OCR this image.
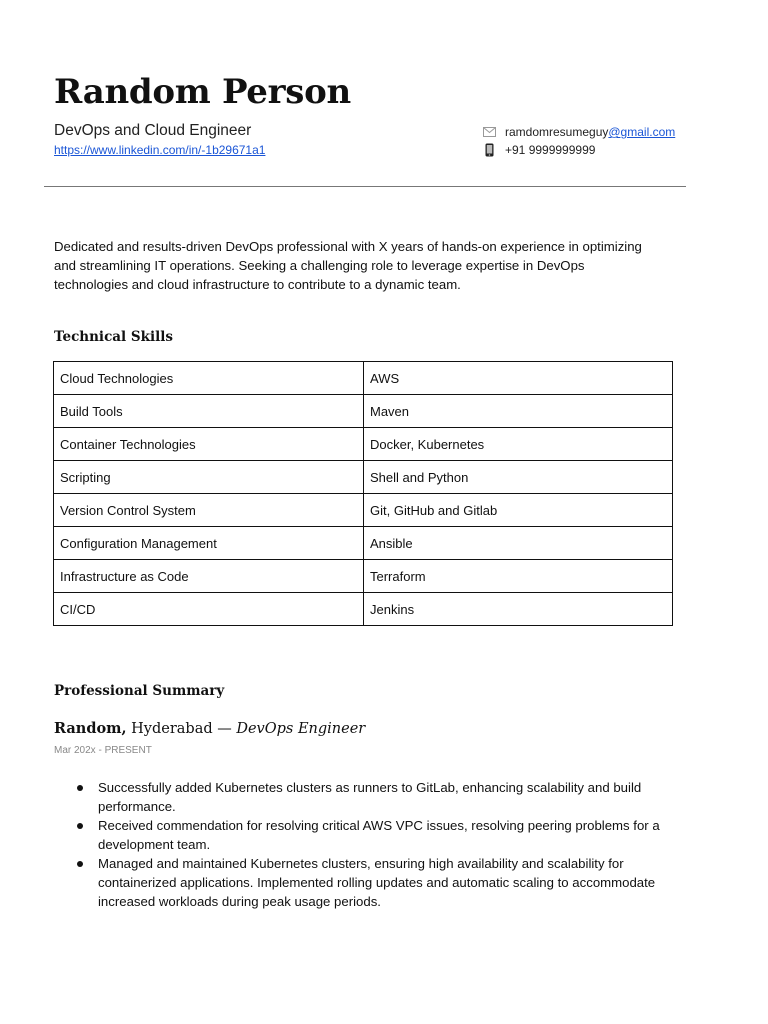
Random Person
DevOps and Cloud Engineer
https://www.linkedin.com/in/-1b29671a1
ramdomresumeguy@gmail.com
+91 9999999999
Dedicated and results-driven DevOps professional with X years of hands-on experience in optimizing and streamlining IT operations. Seeking a challenging role to leverage expertise in DevOps technologies and cloud infrastructure to contribute to a dynamic team.
Technical Skills
Cloud Technologies	AWS
Build Tools	Maven
Container Technologies	Docker, Kubernetes
Scripting	Shell and Python
Version Control System	Git, GitHub and Gitlab
Configuration Management	Ansible
Infrastructure as Code	Terraform
CI/CD	Jenkins
Professional Summary
Random, Hyderabad — DevOps Engineer
Mar 202x - PRESENT
Successfully added Kubernetes clusters as runners to GitLab, enhancing scalability and build performance.
Received commendation for resolving critical AWS VPC issues, resolving peering problems for a development team.
Managed and maintained Kubernetes clusters, ensuring high availability and scalability for containerized applications. Implemented rolling updates and automatic scaling to accommodate increased workloads during peak usage periods.
